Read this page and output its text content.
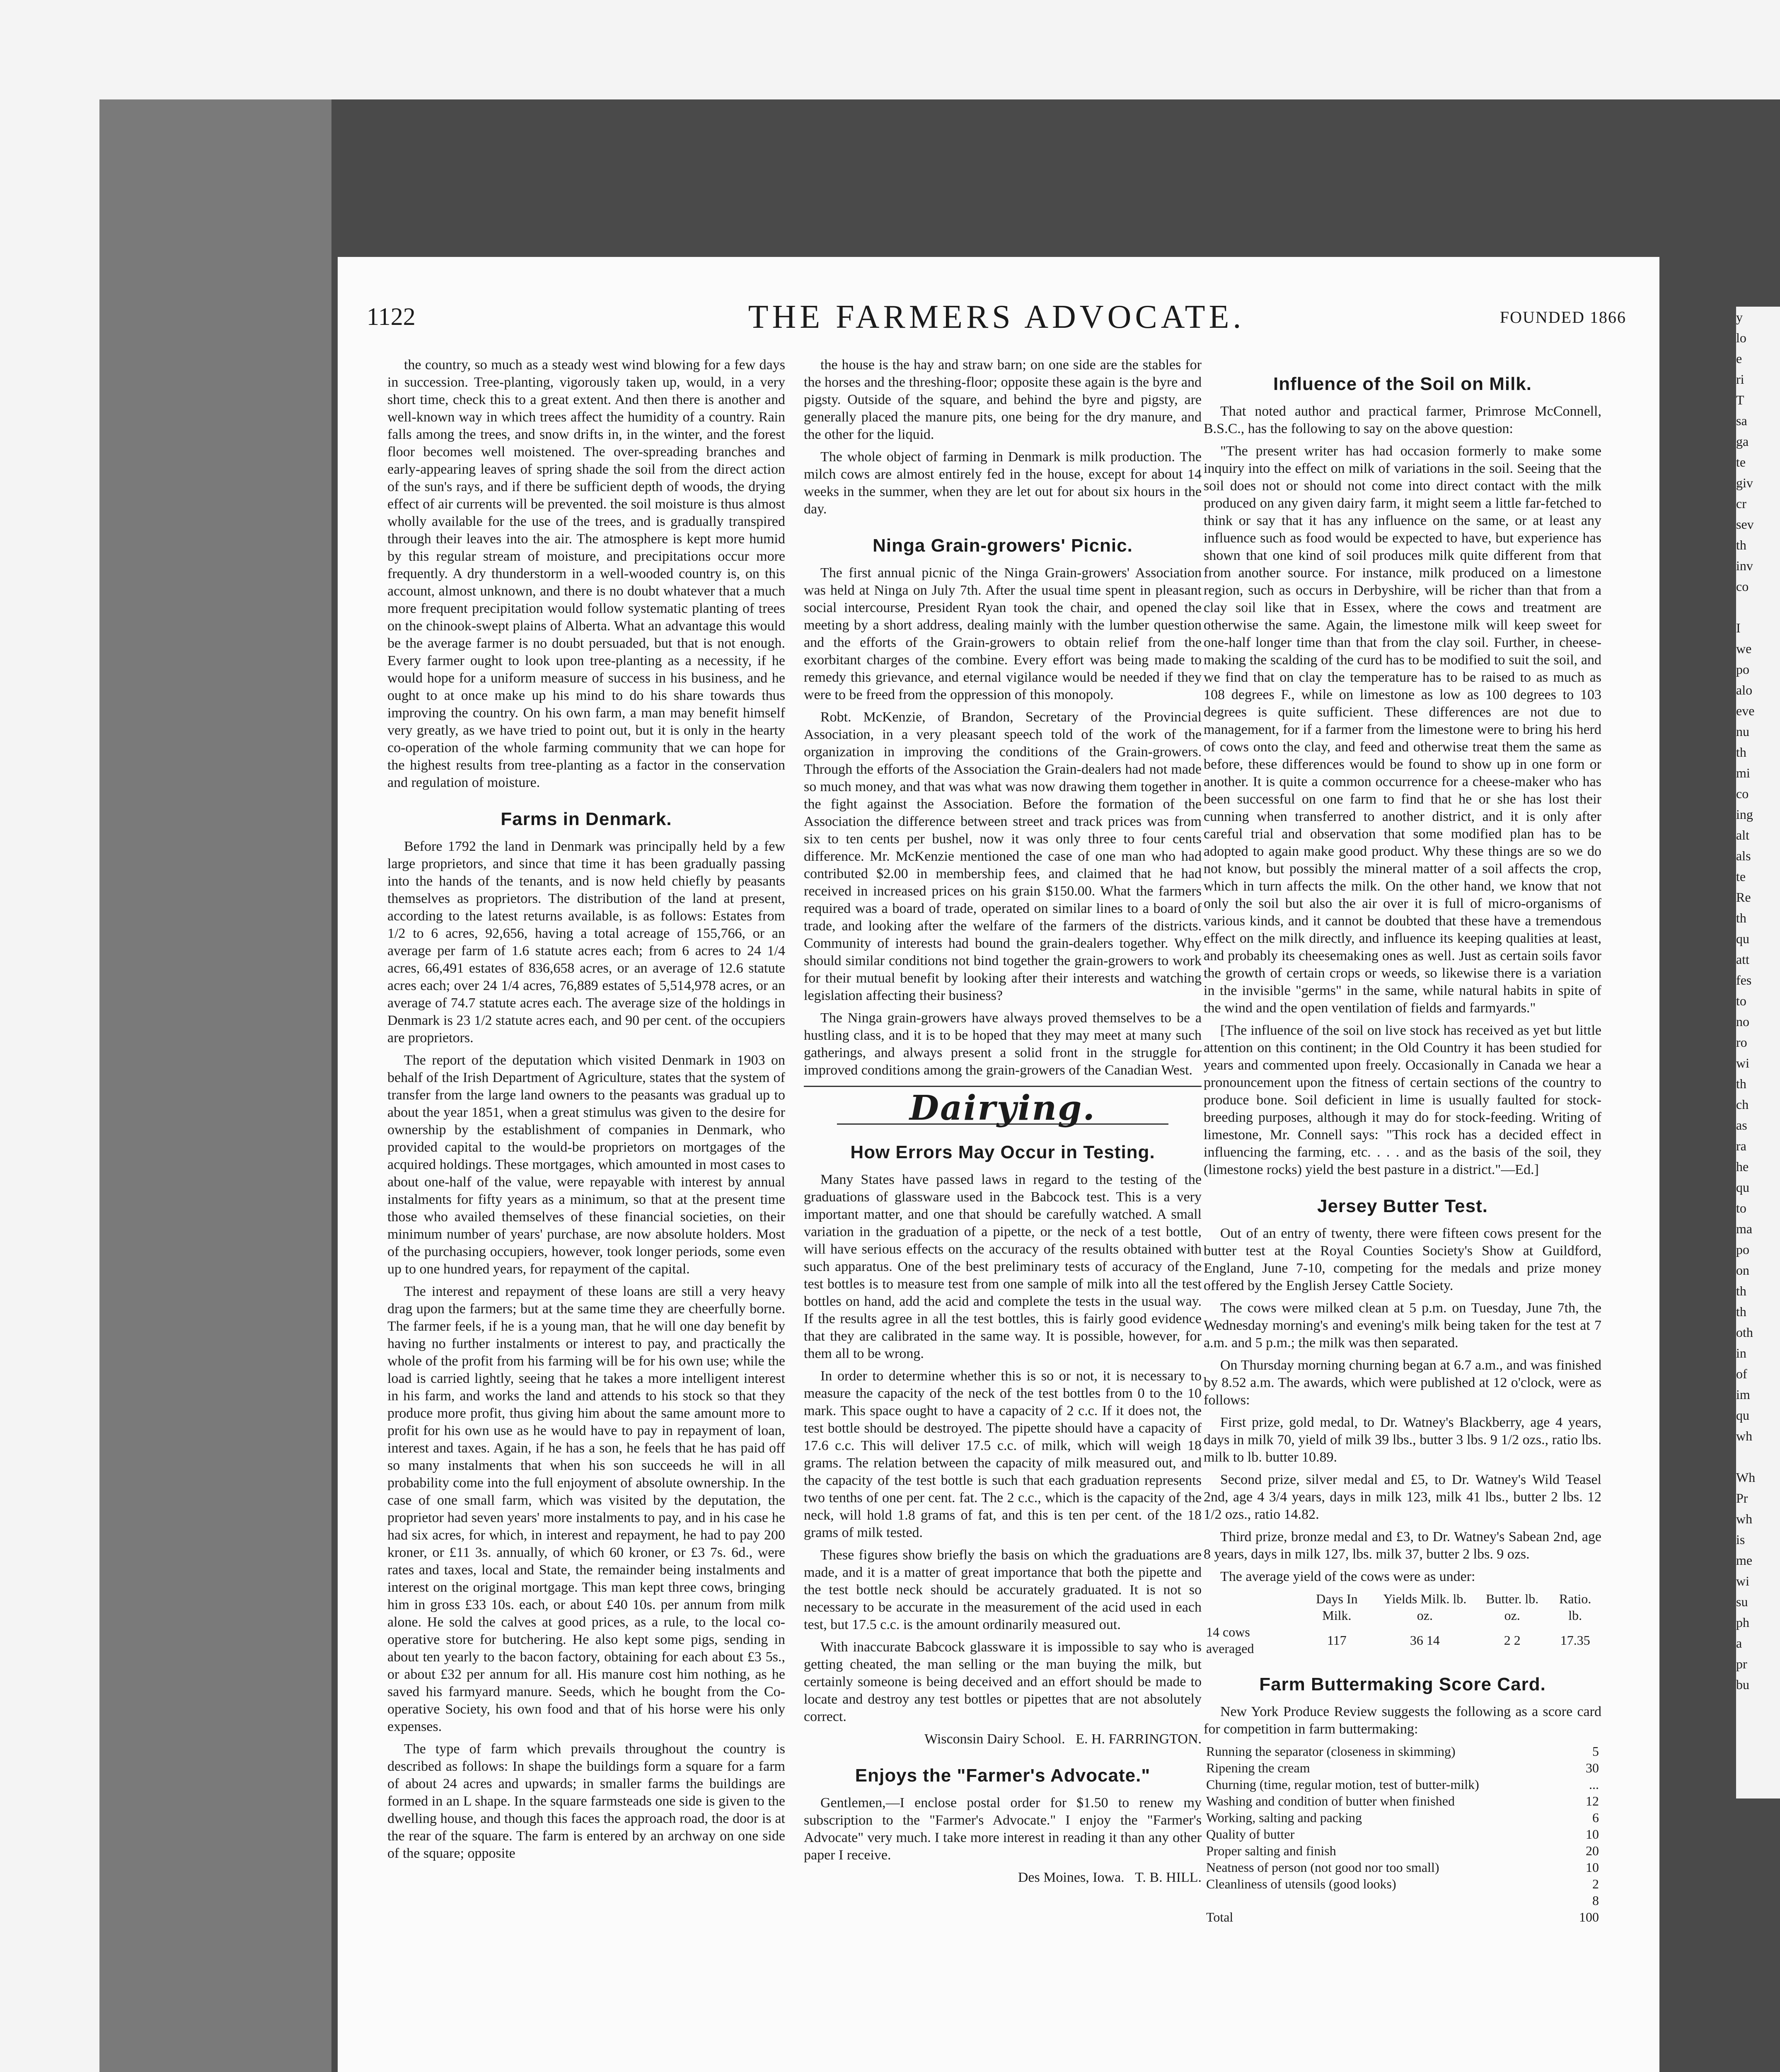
1122	THE FARMERS ADVOCATE.	FOUNDED 1866

the country, so much as a steady west wind blowing for a few days in succession. Tree-planting, vigorously taken up, would, in a very short time, check this to a great extent. And then there is another and well-known way in which trees affect the humidity of a country. Rain falls among the trees, and snow drifts in, in the winter, and the forest floor becomes well moistened. The over-spreading branches and early-appearing leaves of spring shade the soil from the direct action of the sun's rays, and if there be sufficient depth of woods, the drying effect of air currents will be prevented. the soil moisture is thus almost wholly available for the use of the trees, and is gradually transpired through their leaves into the air. The atmosphere is kept more humid by this regular stream of moisture, and precipitations occur more frequently. A dry thunderstorm in a well-wooded country is, on this account, almost unknown, and there is no doubt whatever that a much more frequent precipitation would follow systematic planting of trees on the chinook-swept plains of Alberta. What an advantage this would be the average farmer is no doubt persuaded, but that is not enough. Every farmer ought to look upon tree-planting as a necessity, if he would hope for a uniform measure of success in his business, and he ought to at once make up his mind to do his share towards thus improving the country. On his own farm, a man may benefit himself very greatly, as we have tried to point out, but it is only in the hearty co-operation of the whole farming community that we can hope for the highest results from tree-planting as a factor in the conservation and regulation of moisture.

Farms in Denmark.

Before 1792 the land in Denmark was principally held by a few large proprietors, and since that time it has been gradually passing into the hands of the tenants, and is now held chiefly by peasants themselves as proprietors. The distribution of the land at present, according to the latest returns available, is as follows: Estates from 1/2 to 6 acres, 92,656, having a total acreage of 155,766, or an average per farm of 1.6 statute acres each; from 6 acres to 24 1/4 acres, 66,491 estates of 836,658 acres, or an average of 12.6 statute acres each; over 24 1/4 acres, 76,889 estates of 5,514,978 acres, or an average of 74.7 statute acres each. The average size of the holdings in Denmark is 23 1/2 statute acres each, and 90 per cent. of the occupiers are proprietors.

The report of the deputation which visited Denmark in 1903 on behalf of the Irish Department of Agriculture, states that the system of transfer from the large land owners to the peasants was gradual up to about the year 1851, when a great stimulus was given to the desire for ownership by the establishment of companies in Denmark, who provided capital to the would-be proprietors on mortgages of the acquired holdings. These mortgages, which amounted in most cases to about one-half of the value, were repayable with interest by annual instalments for fifty years as a minimum, so that at the present time those who availed themselves of these financial societies, on their minimum number of years' purchase, are now absolute holders. Most of the purchasing occupiers, however, took longer periods, some even up to one hundred years, for repayment of the capital.

The interest and repayment of these loans are still a very heavy drag upon the farmers; but at the same time they are cheerfully borne. The farmer feels, if he is a young man, that he will one day benefit by having no further instalments or interest to pay, and practically the whole of the profit from his farming will be for his own use; while the load is carried lightly, seeing that he takes a more intelligent interest in his farm, and works the land and attends to his stock so that they produce more profit, thus giving him about the same amount more to profit for his own use as he would have to pay in repayment of loan, interest and taxes. Again, if he has a son, he feels that he has paid off so many instalments that when his son succeeds he will in all probability come into the full enjoyment of absolute ownership. In the case of one small farm, which was visited by the deputation, the proprietor had seven years' more instalments to pay, and in his case he had six acres, for which, in interest and repayment, he had to pay 200 kroner, or £11 3s. annually, of which 60 kroner, or £3 7s. 6d., were rates and taxes, local and State, the remainder being instalments and interest on the original mortgage. This man kept three cows, bringing him in gross £33 10s. each, or about £40 10s. per annum from milk alone. He sold the calves at good prices, as a rule, to the local co-operative store for butchering. He also kept some pigs, sending in about ten yearly to the bacon factory, obtaining for each about £3 5s., or about £32 per annum for all. His manure cost him nothing, as he saved his farmyard manure. Seeds, which he bought from the Co-operative Society, his own food and that of his horse were his only expenses.

The type of farm which prevails throughout the country is described as follows: In shape the buildings form a square for a farm of about 24 acres and upwards; in smaller farms the buildings are formed in an L shape. In the square farmsteads one side is given to the dwelling house, and though this faces the approach road, the door is at the rear of the square. The farm is entered by an archway on one side of the square; opposite

the house is the hay and straw barn; on one side are the stables for the horses and the threshing-floor; opposite these again is the byre and pigsty. Outside of the square, and behind the byre and pigsty, are generally placed the manure pits, one being for the dry manure, and the other for the liquid.

The whole object of farming in Denmark is milk production. The milch cows are almost entirely fed in the house, except for about 14 weeks in the summer, when they are let out for about six hours in the day.

Ninga Grain-growers' Picnic.

The first annual picnic of the Ninga Grain-growers' Association was held at Ninga on July 7th. After the usual time spent in pleasant social intercourse, President Ryan took the chair, and opened the meeting by a short address, dealing mainly with the lumber question and the efforts of the Grain-growers to obtain relief from the exorbitant charges of the combine. Every effort was being made to remedy this grievance, and eternal vigilance would be needed if they were to be freed from the oppression of this monopoly.

Robt. McKenzie, of Brandon, Secretary of the Provincial Association, in a very pleasant speech told of the work of the organization in improving the conditions of the Grain-growers. Through the efforts of the Association the Grain-dealers had not made so much money, and that was what was now drawing them together in the fight against the Association. Before the formation of the Association the difference between street and track prices was from six to ten cents per bushel, now it was only three to four cents difference. Mr. McKenzie mentioned the case of one man who had contributed $2.00 in membership fees, and claimed that he had received in increased prices on his grain $150.00. What the farmers required was a board of trade, operated on similar lines to a board of trade, and looking after the welfare of the farmers of the districts. Community of interests had bound the grain-dealers together. Why should similar conditions not bind together the grain-growers to work for their mutual benefit by looking after their interests and watching legislation affecting their business?

The Ninga grain-growers have always proved themselves to be a hustling class, and it is to be hoped that they may meet at many such gatherings, and always present a solid front in the struggle for improved conditions among the grain-growers of the Canadian West.

Dairying.
How Errors May Occur in Testing.

Many States have passed laws in regard to the testing of the graduations of glassware used in the Babcock test. This is a very important matter, and one that should be carefully watched. A small variation in the graduation of a pipette, or the neck of a test bottle, will have serious effects on the accuracy of the results obtained with such apparatus. One of the best preliminary tests of accuracy of the test bottles is to measure test from one sample of milk into all the test bottles on hand, add the acid and complete the tests in the usual way. If the results agree in all the test bottles, this is fairly good evidence that they are calibrated in the same way. It is possible, however, for them all to be wrong.

In order to determine whether this is so or not, it is necessary to measure the capacity of the neck of the test bottles from 0 to the 10 mark. This space ought to have a capacity of 2 c.c. If it does not, the test bottle should be destroyed. The pipette should have a capacity of 17.6 c.c. This will deliver 17.5 c.c. of milk, which will weigh 18 grams. The relation between the capacity of milk measured out, and the capacity of the test bottle is such that each graduation represents two tenths of one per cent. fat. The 2 c.c., which is the capacity of the neck, will hold 1.8 grams of fat, and this is ten per cent. of the 18 grams of milk tested.

These figures show briefly the basis on which the graduations are made, and it is a matter of great importance that both the pipette and the test bottle neck should be accurately graduated. It is not so necessary to be accurate in the measurement of the acid used in each test, but 17.5 c.c. is the amount ordinarily measured out.

With inaccurate Babcock glassware it is impossible to say who is getting cheated, the man selling or the man buying the milk, but certainly someone is being deceived and an effort should be made to locate and destroy any test bottles or pipettes that are not absolutely correct.

Wisconsin Dairy School. E. H. FARRINGTON.
Enjoys the "Farmer's Advocate."

Gentlemen,—I enclose postal order for $1.50 to renew my subscription to the "Farmer's Advocate." I enjoy the "Farmer's Advocate" very much. I take more interest in reading it than any other paper I receive.

Des Moines, Iowa. T. B. HILL.
Influence of the Soil on Milk.

That noted author and practical farmer, Primrose McConnell, B.S.C., has the following to say on the above question:

"The present writer has had occasion formerly to make some inquiry into the effect on milk of variations in the soil. Seeing that the soil does not or should not come into direct contact with the milk produced on any given dairy farm, it might seem a little far-fetched to think or say that it has any influence on the same, or at least any influence such as food would be expected to have, but experience has shown that one kind of soil produces milk quite different from that from another source. For instance, milk produced on a limestone region, such as occurs in Derbyshire, will be richer than that from a clay soil like that in Essex, where the cows and treatment are otherwise the same. Again, the limestone milk will keep sweet for one-half longer time than that from the clay soil. Further, in cheese-making the scalding of the curd has to be modified to suit the soil, and we find that on clay the temperature has to be raised to as much as 108 degrees F., while on limestone as low as 100 degrees to 103 degrees is quite sufficient. These differences are not due to management, for if a farmer from the limestone were to bring his herd of cows onto the clay, and feed and otherwise treat them the same as before, these differences would be found to show up in one form or another. It is quite a common occurrence for a cheese-maker who has been successful on one farm to find that he or she has lost their cunning when transferred to another district, and it is only after careful trial and observation that some modified plan has to be adopted to again make good product. Why these things are so we do not know, but possibly the mineral matter of a soil affects the crop, which in turn affects the milk. On the other hand, we know that not only the soil but also the air over it is full of micro-organisms of various kinds, and it cannot be doubted that these have a tremendous effect on the milk directly, and influence its keeping qualities at least, and probably its cheesemaking ones as well. Just as certain soils favor the growth of certain crops or weeds, so likewise there is a variation in the invisible "germs" in the same, while natural habits in spite of the wind and the open ventilation of fields and farmyards."

[The influence of the soil on live stock has received as yet but little attention on this continent; in the Old Country it has been studied for years and commented upon freely. Occasionally in Canada we hear a pronouncement upon the fitness of certain sections of the country to produce bone. Soil deficient in lime is usually faulted for stock-breeding purposes, although it may do for stock-feeding. Writing of limestone, Mr. Connell says: "This rock has a decided effect in influencing the farming, etc. . . . and as the basis of the soil, they (limestone rocks) yield the best pasture in a district."—Ed.]

Jersey Butter Test.

Out of an entry of twenty, there were fifteen cows present for the butter test at the Royal Counties Society's Show at Guildford, England, June 7-10, competing for the medals and prize money offered by the English Jersey Cattle Society.

The cows were milked clean at 5 p.m. on Tuesday, June 7th, the Wednesday morning's and evening's milk being taken for the test at 7 a.m. and 5 p.m.; the milk was then separated.

On Thursday morning churning began at 6.7 a.m., and was finished by 8.52 a.m. The awards, which were published at 12 o'clock, were as follows:

First prize, gold medal, to Dr. Watney's Blackberry, age 4 years, days in milk 70, yield of milk 39 lbs., butter 3 lbs. 9 1/2 ozs., ratio lbs. milk to lb. butter 10.89.

Second prize, silver medal and £5, to Dr. Watney's Wild Teasel 2nd, age 4 3/4 years, days in milk 123, milk 41 lbs., butter 2 lbs. 12 1/2 ozs., ratio 14.82.

Third prize, bronze medal and £3, to Dr. Watney's Sabean 2nd, age 8 years, days in milk 127, lbs. milk 37, butter 2 lbs. 9 ozs.

The average yield of the cows were as under:

	Days In Milk.	Yields Milk. lb. oz.	Butter. lb. oz.	Ratio. lb.
14 cows averaged	117	36 14	2 2	17.35
Farm Buttermaking Score Card.

New York Produce Review suggests the following as a score card for competition in farm buttermaking:

Running the separator (closeness in skimming)	5
Ripening the cream	30
Churning (time, regular motion, test of butter-milk)	...
Washing and condition of butter when finished	12
Working, salting and packing	6
Quality of butter	10
Proper salting and finish	20
Neatness of person (not good nor too small)	10
Cleanliness of utensils (good looks)	2
	8
Total	100
y
lo
e
ri
T
sa
ga
te
giv
cr
sev
th
inv
co

I
we
po
alo
eve
nu
th
mi
co
ing
alt
als
te
Re
th
qu
att
fes
to
no
ro
wi
th
ch
as
ra
he
qu
to
ma
po
on
th
th
oth
in
of
im
qu
wh

Wh
Pr
wh
is
me
wi
su
ph
a
pr
bu
